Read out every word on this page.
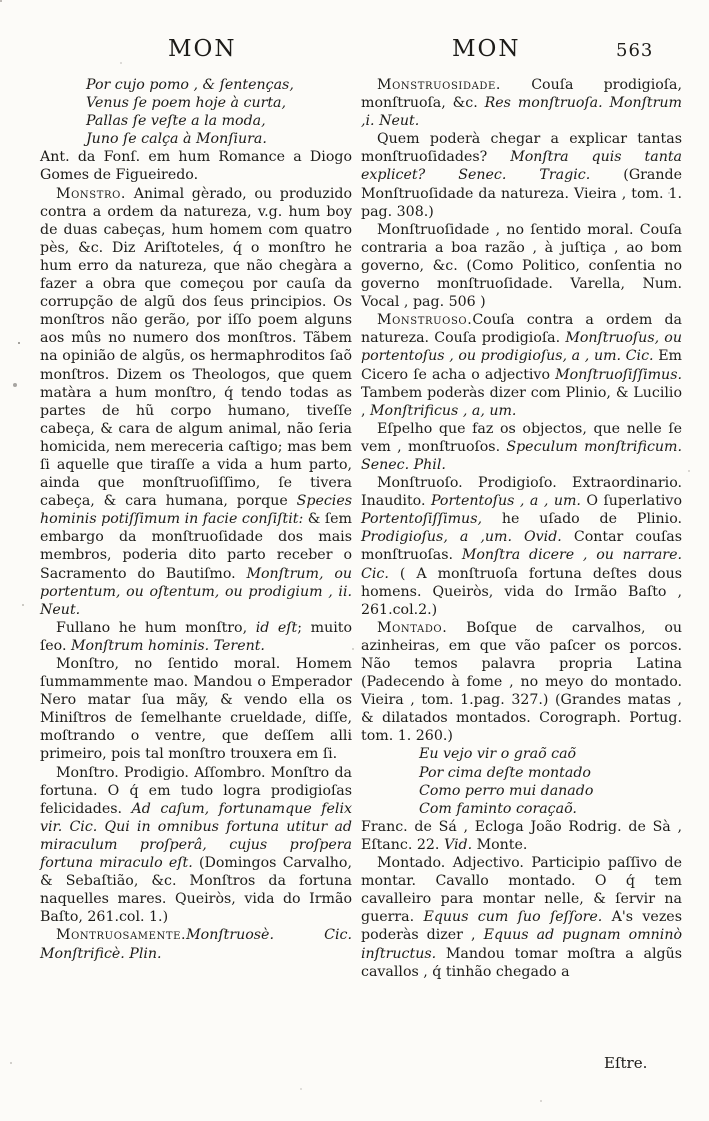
MON	MON	563

Por cujo pomo , & ſentenças,

Venus ſe poem hoje à curta,

Pallas ſe veſte a la moda,

Juno ſe calça à Monſiura.

Ant. da Fonſ. em hum Romance a Diogo Gomes de Figueiredo.

Monstro. Animal gèrado, ou produzido contra a ordem da natureza, v.g. hum boy de duas cabeças, hum homem com quatro pès, &c. Diz Ariſtoteles, q́ o monſtro he hum erro da natureza, que não chegàra a fazer a obra que começou por cauſa da corrupção de algũ dos ſeus principios. Os monſtros não gerão, por iſſo poem alguns aos mûs no numero dos monſtros. Tãbem na opinião de algũs, os hermaphroditos ſaõ monſtros. Dizem os Theologos, que quem matàra a hum monſtro, q́ tendo todas as partes de hũ corpo humano, tiveſſe cabeça, & cara de algum animal, não ſeria homicida, nem mereceria caſtigo; mas bem ſi aquelle que tiraſſe a vida a hum parto, ainda que monſtruoſiſſimo, ſe tivera cabeça, & cara humana, porque Species hominis potiſſimum in facie conſiſtit: & ſem embargo da monſtruoſidade dos mais membros, poderia dito parto receber o Sacramento do Bautiſmo. Monſtrum, ou portentum, ou oſtentum, ou prodigium , ii. Neut.

Fullano he hum monſtro, id eſt; muito ſeo. Monſtrum hominis. Terent.

Monſtro, no ſentido moral. Homem ſummammente mao. Mandou o Emperador Nero matar ſua mãy, & vendo ella os Miniſtros de ſemelhante crueldade, diſſe, moſtrando o ventre, que deſſem alli primeiro, pois tal monſtro trouxera em ſi.

Monſtro. Prodigio. Aſſombro. Monſtro da fortuna. O q́ em tudo logra prodigioſas felicidades. Ad caſum, fortunamque felix vir. Cic. Qui in omnibus fortuna utitur ad miraculum proſperâ, cujus proſpera fortuna miraculo eſt. (Domingos Carvalho, & Sebaſtião, &c. Monſtros da fortuna naquelles mares. Queiròs, vida do Irmão Baſto, 261.col. 1.)

Montruosamente.Monſtruosè. Cic. Monſtrificè. Plin.

Monstruosidade. Couſa prodigioſa, monſtruoſa, &c. Res monſtruoſa. Monſtrum ,i. Neut.

Quem poderà chegar a explicar tantas monſtruoſidades? Monſtra quis tanta explicet? Senec. Tragic. (Grande Monſtruoſidade da natureza. Vieira , tom. 1. pag. 308.)

Monſtruoſidade , no ſentido moral. Couſa contraria a boa razão , à juſtiça , ao bom governo, &c. (Como Politico, conſentia no governo monſtruoſidade. Varella, Num. Vocal , pag. 506 )

Monstruoso.Couſa contra a ordem da natureza. Couſa prodigioſa. Monſtruoſus, ou portentoſus , ou prodigioſus, a , um. Cic. Em Cicero ſe acha o adjectivo Monſtruoſiſſimus. Tambem poderàs dizer com Plinio, & Lucilio , Monſtrificus , a, um.

Eſpelho que faz os objectos, que nelle ſe vem , monſtruoſos. Speculum monſtrificum. Senec. Phil.

Monſtruoſo. Prodigioſo. Extraordinario. Inaudito. Portentoſus , a , um. O ſuperlativo Portentoſiſſimus, he uſado de Plinio. Prodigioſus, a ,um. Ovid. Contar couſas monſtruoſas. Monſtra dicere , ou narrare. Cic. ( A monſtruoſa fortuna deſtes dous homens. Queiròs, vida do Irmão Baſto , 261.col.2.)

Montado. Boſque de carvalhos, ou azinheiras, em que vão paſcer os porcos. Não temos palavra propria Latina (Padecendo à fome , no meyo do montado. Vieira , tom. 1.pag. 327.) (Grandes matas , & dilatados montados. Corograph. Portug. tom. 1. 260.)

Eu vejo vir o graõ caõ

Por cima deſte montado

Como perro mui danado

Com faminto coraçaõ.

Franc. de Sá , Ecloga João Rodrig. de Sà , Eſtanc. 22. Vid. Monte.

Montado. Adjectivo. Participio paſſivo de montar. Cavallo montado. O q́ tem cavalleiro para montar nelle, & ſervir na guerra. Equus cum ſuo ſeſſore. A's vezes poderàs dizer , Equus ad pugnam omninò inſtructus. Mandou tomar moſtra a algũs cavallos , q́ tinhão chegado a

Eſtre.
